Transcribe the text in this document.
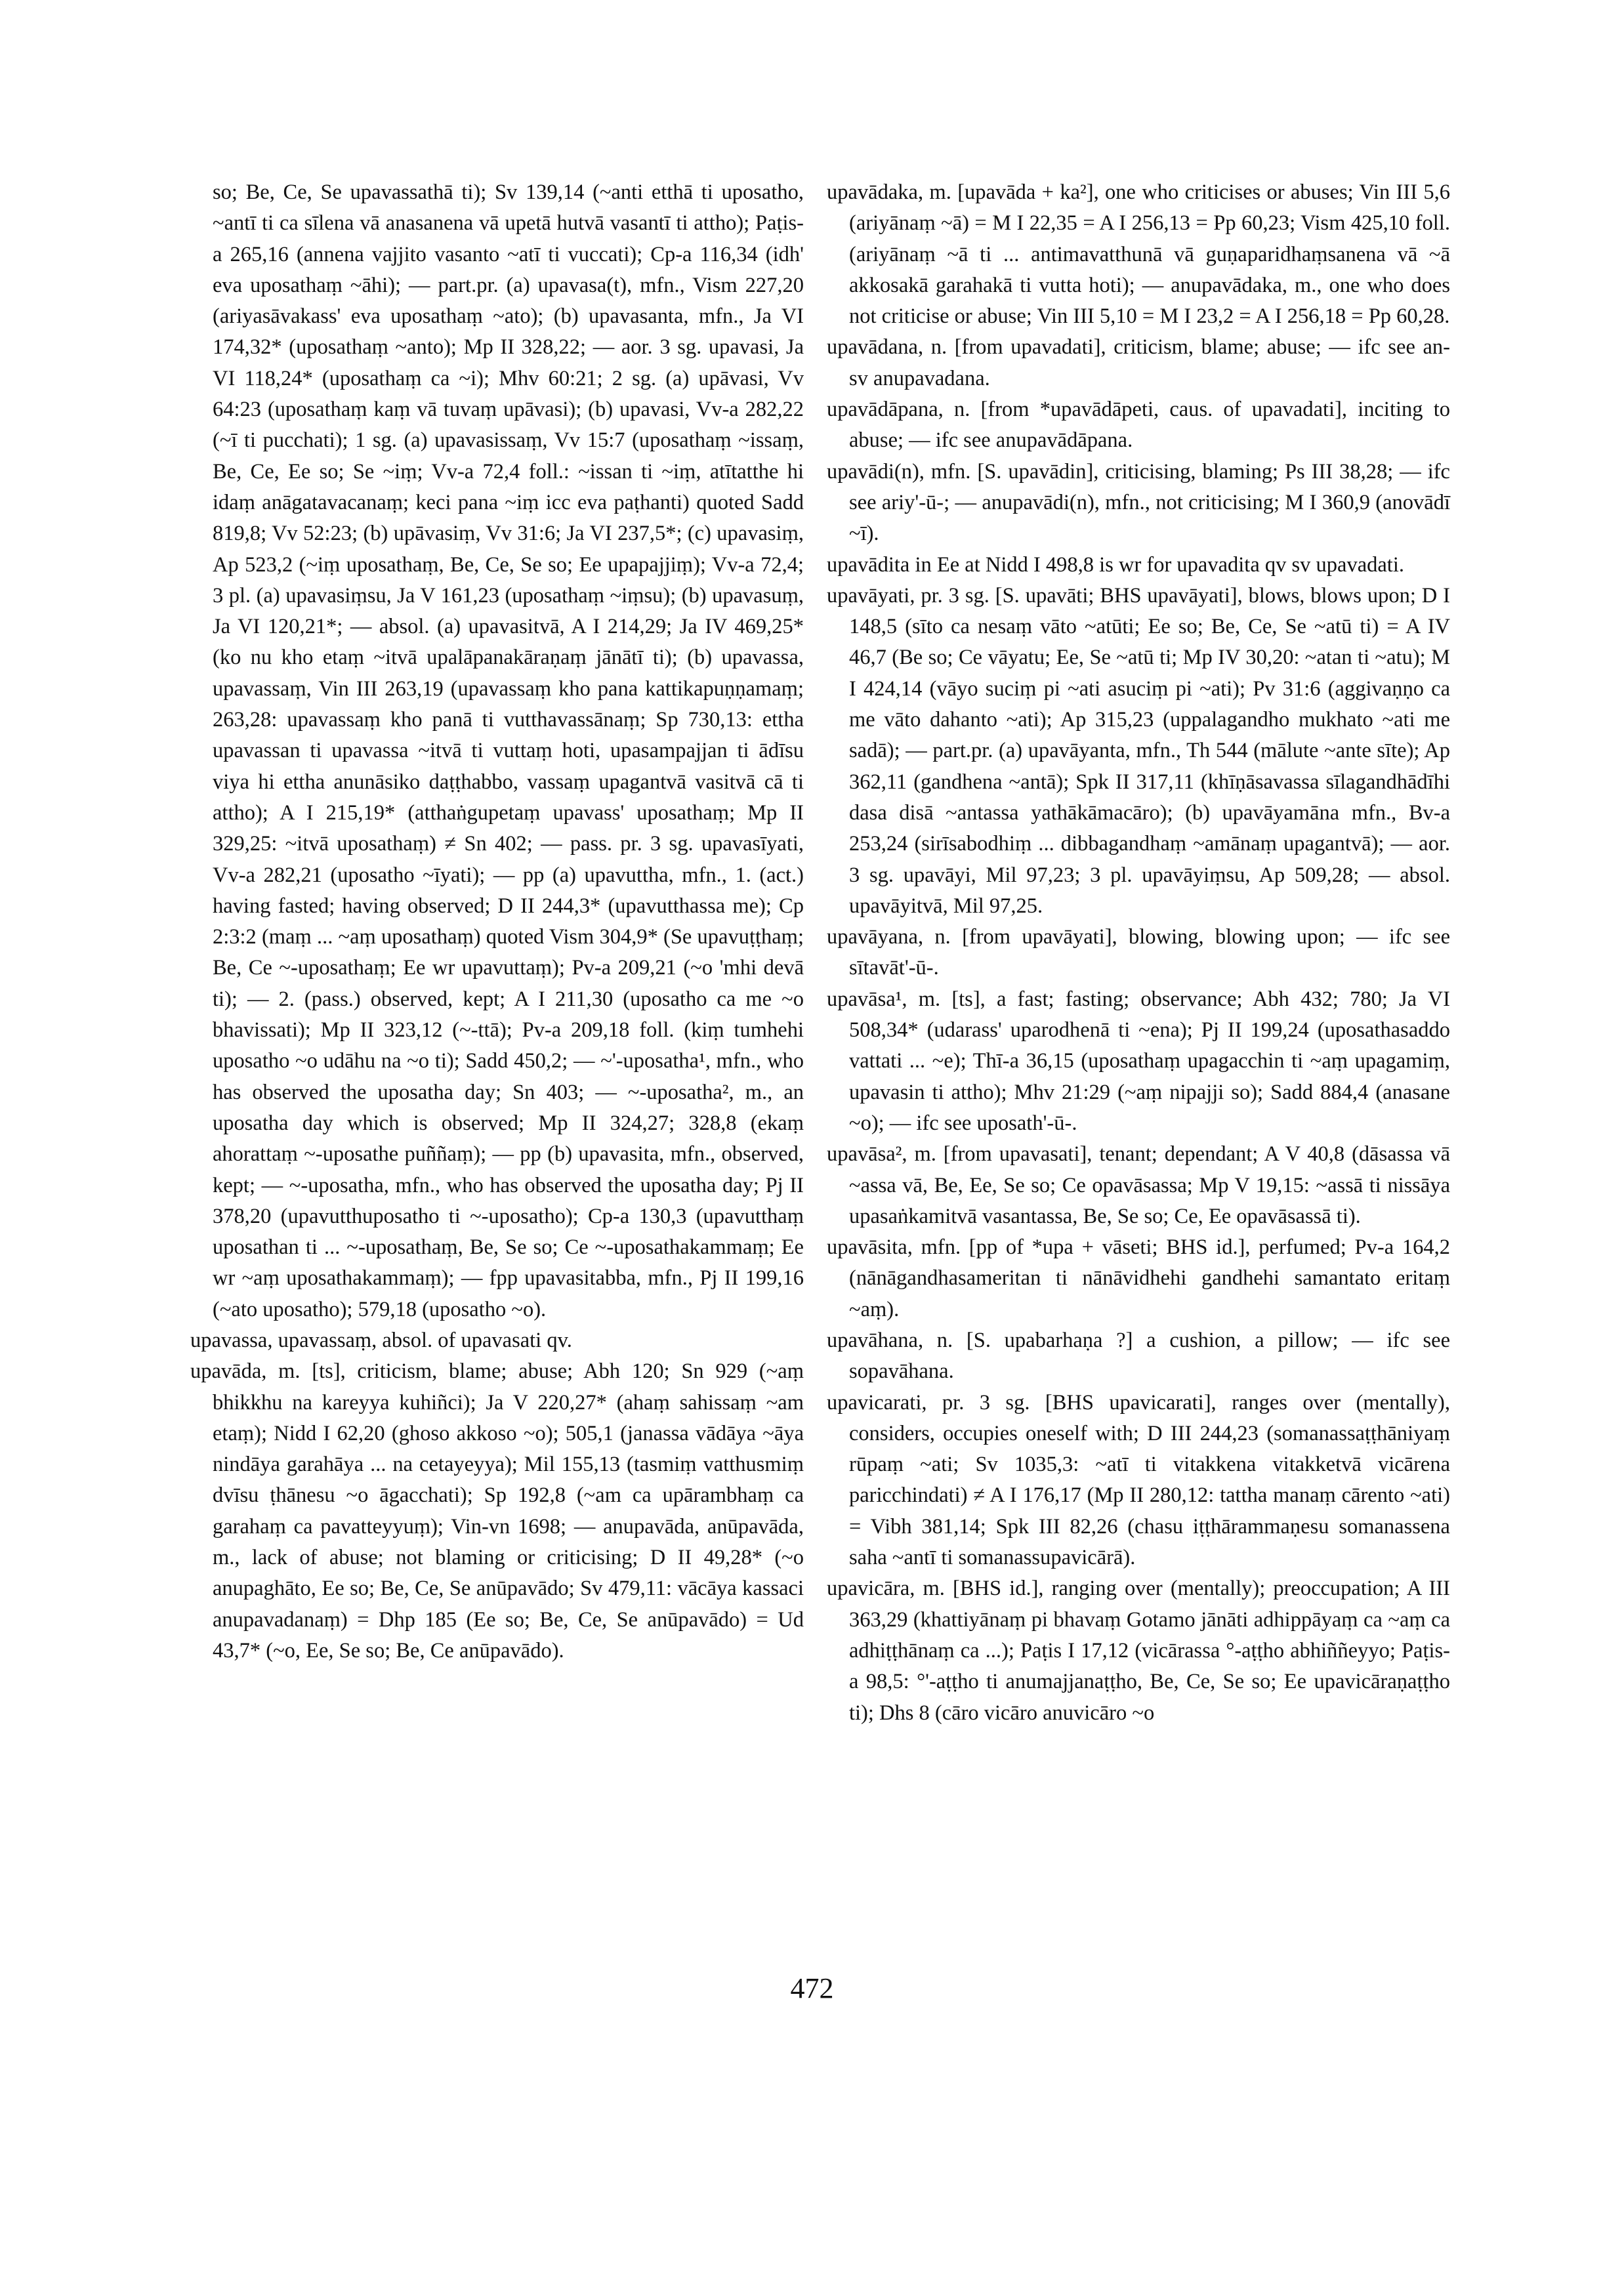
so; Be, Ce, Se upavassathā ti); Sv 139,14 (~anti etthā ti uposatho, ~antī ti ca sīlena vā anasanena vā upetā hutvā vasantī ti attho); Paṭis-a 265,16 (annena vajjito vasanto ~atī ti vuccati); Cp-a 116,34 (idh' eva uposathaṃ ~āhi); — part.pr. (a) upavasa(t), mfn., Vism 227,20 (ariyasāvakass' eva uposathaṃ ~ato); (b) upavasanta, mfn., Ja VI 174,32* (uposathaṃ ~anto); Mp II 328,22; — aor. 3 sg. upavasi, Ja VI 118,24* (uposathaṃ ca ~i); Mhv 60:21; 2 sg. (a) upāvasi, Vv 64:23 (uposathaṃ kaṃ vā tuvaṃ upāvasi); (b) upavasi, Vv-a 282,22 (~ī ti pucchati); 1 sg. (a) upavasissaṃ, Vv 15:7 (uposathaṃ ~issaṃ, Be, Ce, Ee so; Se ~iṃ; Vv-a 72,4 foll.: ~issan ti ~iṃ, atītatthe hi idaṃ anāgatavacanaṃ; keci pana ~iṃ icc eva paṭhanti) quoted Sadd 819,8; Vv 52:23; (b) upāvasiṃ, Vv 31:6; Ja VI 237,5*; (c) upavasiṃ, Ap 523,2 (~iṃ uposathaṃ, Be, Ce, Se so; Ee upapajjiṃ); Vv-a 72,4; 3 pl. (a) upavasiṃsu, Ja V 161,23 (uposathaṃ ~iṃsu); (b) upavasuṃ, Ja VI 120,21*; — absol. (a) upavasitvā, A I 214,29; Ja IV 469,25* (ko nu kho etaṃ ~itvā upalāpanakāraṇaṃ jānātī ti); (b) upavassa, upavassaṃ, Vin III 263,19 (upavassaṃ kho pana kattikapuṇṇamaṃ; 263,28: upavassaṃ kho panā ti vutthavassānaṃ; Sp 730,13: ettha upavassan ti upavassa ~itvā ti vuttaṃ hoti, upasampajjan ti ādīsu viya hi ettha anunāsiko daṭṭhabbo, vassaṃ upagantvā vasitvā cā ti attho); A I 215,19* (atthaṅgupetaṃ upavass' uposathaṃ; Mp II 329,25: ~itvā uposathaṃ) ≠ Sn 402; — pass. pr. 3 sg. upavasīyati, Vv-a 282,21 (uposatho ~īyati); — pp (a) upavuttha, mfn., 1. (act.) having fasted; having observed; D II 244,3* (upavutthassa me); Cp 2:3:2 (maṃ ... ~aṃ uposathaṃ) quoted Vism 304,9* (Se upavuṭṭhaṃ; Be, Ce ~-uposathaṃ; Ee wr upavuttaṃ); Pv-a 209,21 (~o 'mhi devā ti); — 2. (pass.) observed, kept; A I 211,30 (uposatho ca me ~o bhavissati); Mp II 323,12 (~-ttā); Pv-a 209,18 foll. (kiṃ tumhehi uposatho ~o udāhu na ~o ti); Sadd 450,2; — ~'-uposatha¹, mfn., who has observed the uposatha day; Sn 403; — ~-uposatha², m., an uposatha day which is observed; Mp II 324,27; 328,8 (ekaṃ ahorattaṃ ~-uposathe puññaṃ); — pp (b) upavasita, mfn., observed, kept; — ~-uposatha, mfn., who has observed the uposatha day; Pj II 378,20 (upavutthuposatho ti ~-uposatho); Cp-a 130,3 (upavutthaṃ uposathan ti ... ~-uposathaṃ, Be, Se so; Ce ~-uposathakammaṃ; Ee wr ~aṃ uposathakammaṃ); — fpp upavasitabba, mfn., Pj II 199,16 (~ato uposatho); 579,18 (uposatho ~o).

upavassa, upavassaṃ, absol. of upavasati qv.

upavāda, m. [ts], criticism, blame; abuse; Abh 120; Sn 929 (~aṃ bhikkhu na kareyya kuhiñci); Ja V 220,27* (ahaṃ sahissaṃ ~am etaṃ); Nidd I 62,20 (ghoso akkoso ~o); 505,1 (janassa vādāya ~āya nindāya garahāya ... na cetayeyya); Mil 155,13 (tasmiṃ vatthusmiṃ dvīsu ṭhānesu ~o āgacchati); Sp 192,8 (~am ca upārambhaṃ ca garahaṃ ca pavatteyyuṃ); Vin-vn 1698; — anupavāda, anūpavāda, m., lack of abuse; not blaming or criticising; D II 49,28* (~o anupaghāto, Ee so; Be, Ce, Se anūpavādo; Sv 479,11: vācāya kassaci anupavadanaṃ) = Dhp 185 (Ee so; Be, Ce, Se anūpavādo) = Ud 43,7* (~o, Ee, Se so; Be, Ce anūpavādo).

upavādaka, m. [upavāda + ka²], one who criticises or abuses; Vin III 5,6 (ariyānaṃ ~ā) = M I 22,35 = A I 256,13 = Pp 60,23; Vism 425,10 foll. (ariyānaṃ ~ā ti ... antimavatthunā vā guṇaparidhaṃsanena vā ~ā akkosakā garahakā ti vutta hoti); — anupavādaka, m., one who does not criticise or abuse; Vin III 5,10 = M I 23,2 = A I 256,18 = Pp 60,28.

upavādana, n. [from upavadati], criticism, blame; abuse; — ifc see an- sv anupavadana.

upavādāpana, n. [from *upavādāpeti, caus. of upavadati], inciting to abuse; — ifc see anupavādāpana.

upavādi(n), mfn. [S. upavādin], criticising, blaming; Ps III 38,28; — ifc see ariy'-ū-; — anupavādi(n), mfn., not criticising; M I 360,9 (anovādī ~ī).

upavādita in Ee at Nidd I 498,8 is wr for upavadita qv sv upavadati.

upavāyati, pr. 3 sg. [S. upavāti; BHS upavāyati], blows, blows upon; D I 148,5 (sīto ca nesaṃ vāto ~atūti; Ee so; Be, Ce, Se ~atū ti) = A IV 46,7 (Be so; Ce vāyatu; Ee, Se ~atū ti; Mp IV 30,20: ~atan ti ~atu); M I 424,14 (vāyo suciṃ pi ~ati asuciṃ pi ~ati); Pv 31:6 (aggivaṇṇo ca me vāto dahanto ~ati); Ap 315,23 (uppalagandho mukhato ~ati me sadā); — part.pr. (a) upavāyanta, mfn., Th 544 (mālute ~ante sīte); Ap 362,11 (gandhena ~antā); Spk II 317,11 (khīṇāsavassa sīlagandhādīhi dasa disā ~antassa yathākāmacāro); (b) upavāyamāna mfn., Bv-a 253,24 (sirīsabodhiṃ ... dibbagandhaṃ ~amānaṃ upagantvā); — aor. 3 sg. upavāyi, Mil 97,23; 3 pl. upavāyiṃsu, Ap 509,28; — absol. upavāyitvā, Mil 97,25.

upavāyana, n. [from upavāyati], blowing, blowing upon; — ifc see sītavāt'-ū-.

upavāsa¹, m. [ts], a fast; fasting; observance; Abh 432; 780; Ja VI 508,34* (udarass' uparodhenā ti ~ena); Pj II 199,24 (uposathasaddo vattati ... ~e); Thī-a 36,15 (uposathaṃ upagacchin ti ~aṃ upagamiṃ, upavasin ti attho); Mhv 21:29 (~aṃ nipajji so); Sadd 884,4 (anasane ~o); — ifc see uposath'-ū-.

upavāsa², m. [from upavasati], tenant; dependant; A V 40,8 (dāsassa vā ~assa vā, Be, Ee, Se so; Ce opavāsassa; Mp V 19,15: ~assā ti nissāya upasaṅkamitvā vasantassa, Be, Se so; Ce, Ee opavāsassā ti).

upavāsita, mfn. [pp of *upa + vāseti; BHS id.], perfumed; Pv-a 164,2 (nānāgandhasameritan ti nānāvidhehi gandhehi samantato eritaṃ ~aṃ).

upavāhana, n. [S. upabarhaṇa ?] a cushion, a pillow; — ifc see sopavāhana.

upavicarati, pr. 3 sg. [BHS upavicarati], ranges over (mentally), considers, occupies oneself with; D III 244,23 (somanassaṭṭhāniyaṃ rūpaṃ ~ati; Sv 1035,3: ~atī ti vitakkena vitakketvā vicārena paricchindati) ≠ A I 176,17 (Mp II 280,12: tattha manaṃ cārento ~ati) = Vibh 381,14; Spk III 82,26 (chasu iṭṭhārammaṇesu somanassena saha ~antī ti somanassupavicārā).

upavicāra, m. [BHS id.], ranging over (mentally); preoccupation; A III 363,29 (khattiyānaṃ pi bhavaṃ Gotamo jānāti adhippāyaṃ ca ~aṃ ca adhiṭṭhānaṃ ca ...); Paṭis I 17,12 (vicārassa °-aṭṭho abhiññeyyo; Paṭis-a 98,5: °'-aṭṭho ti anumajjanaṭṭho, Be, Ce, Se so; Ee upavicāraṇaṭṭho ti); Dhs 8 (cāro vicāro anuvicāro ~o

472
